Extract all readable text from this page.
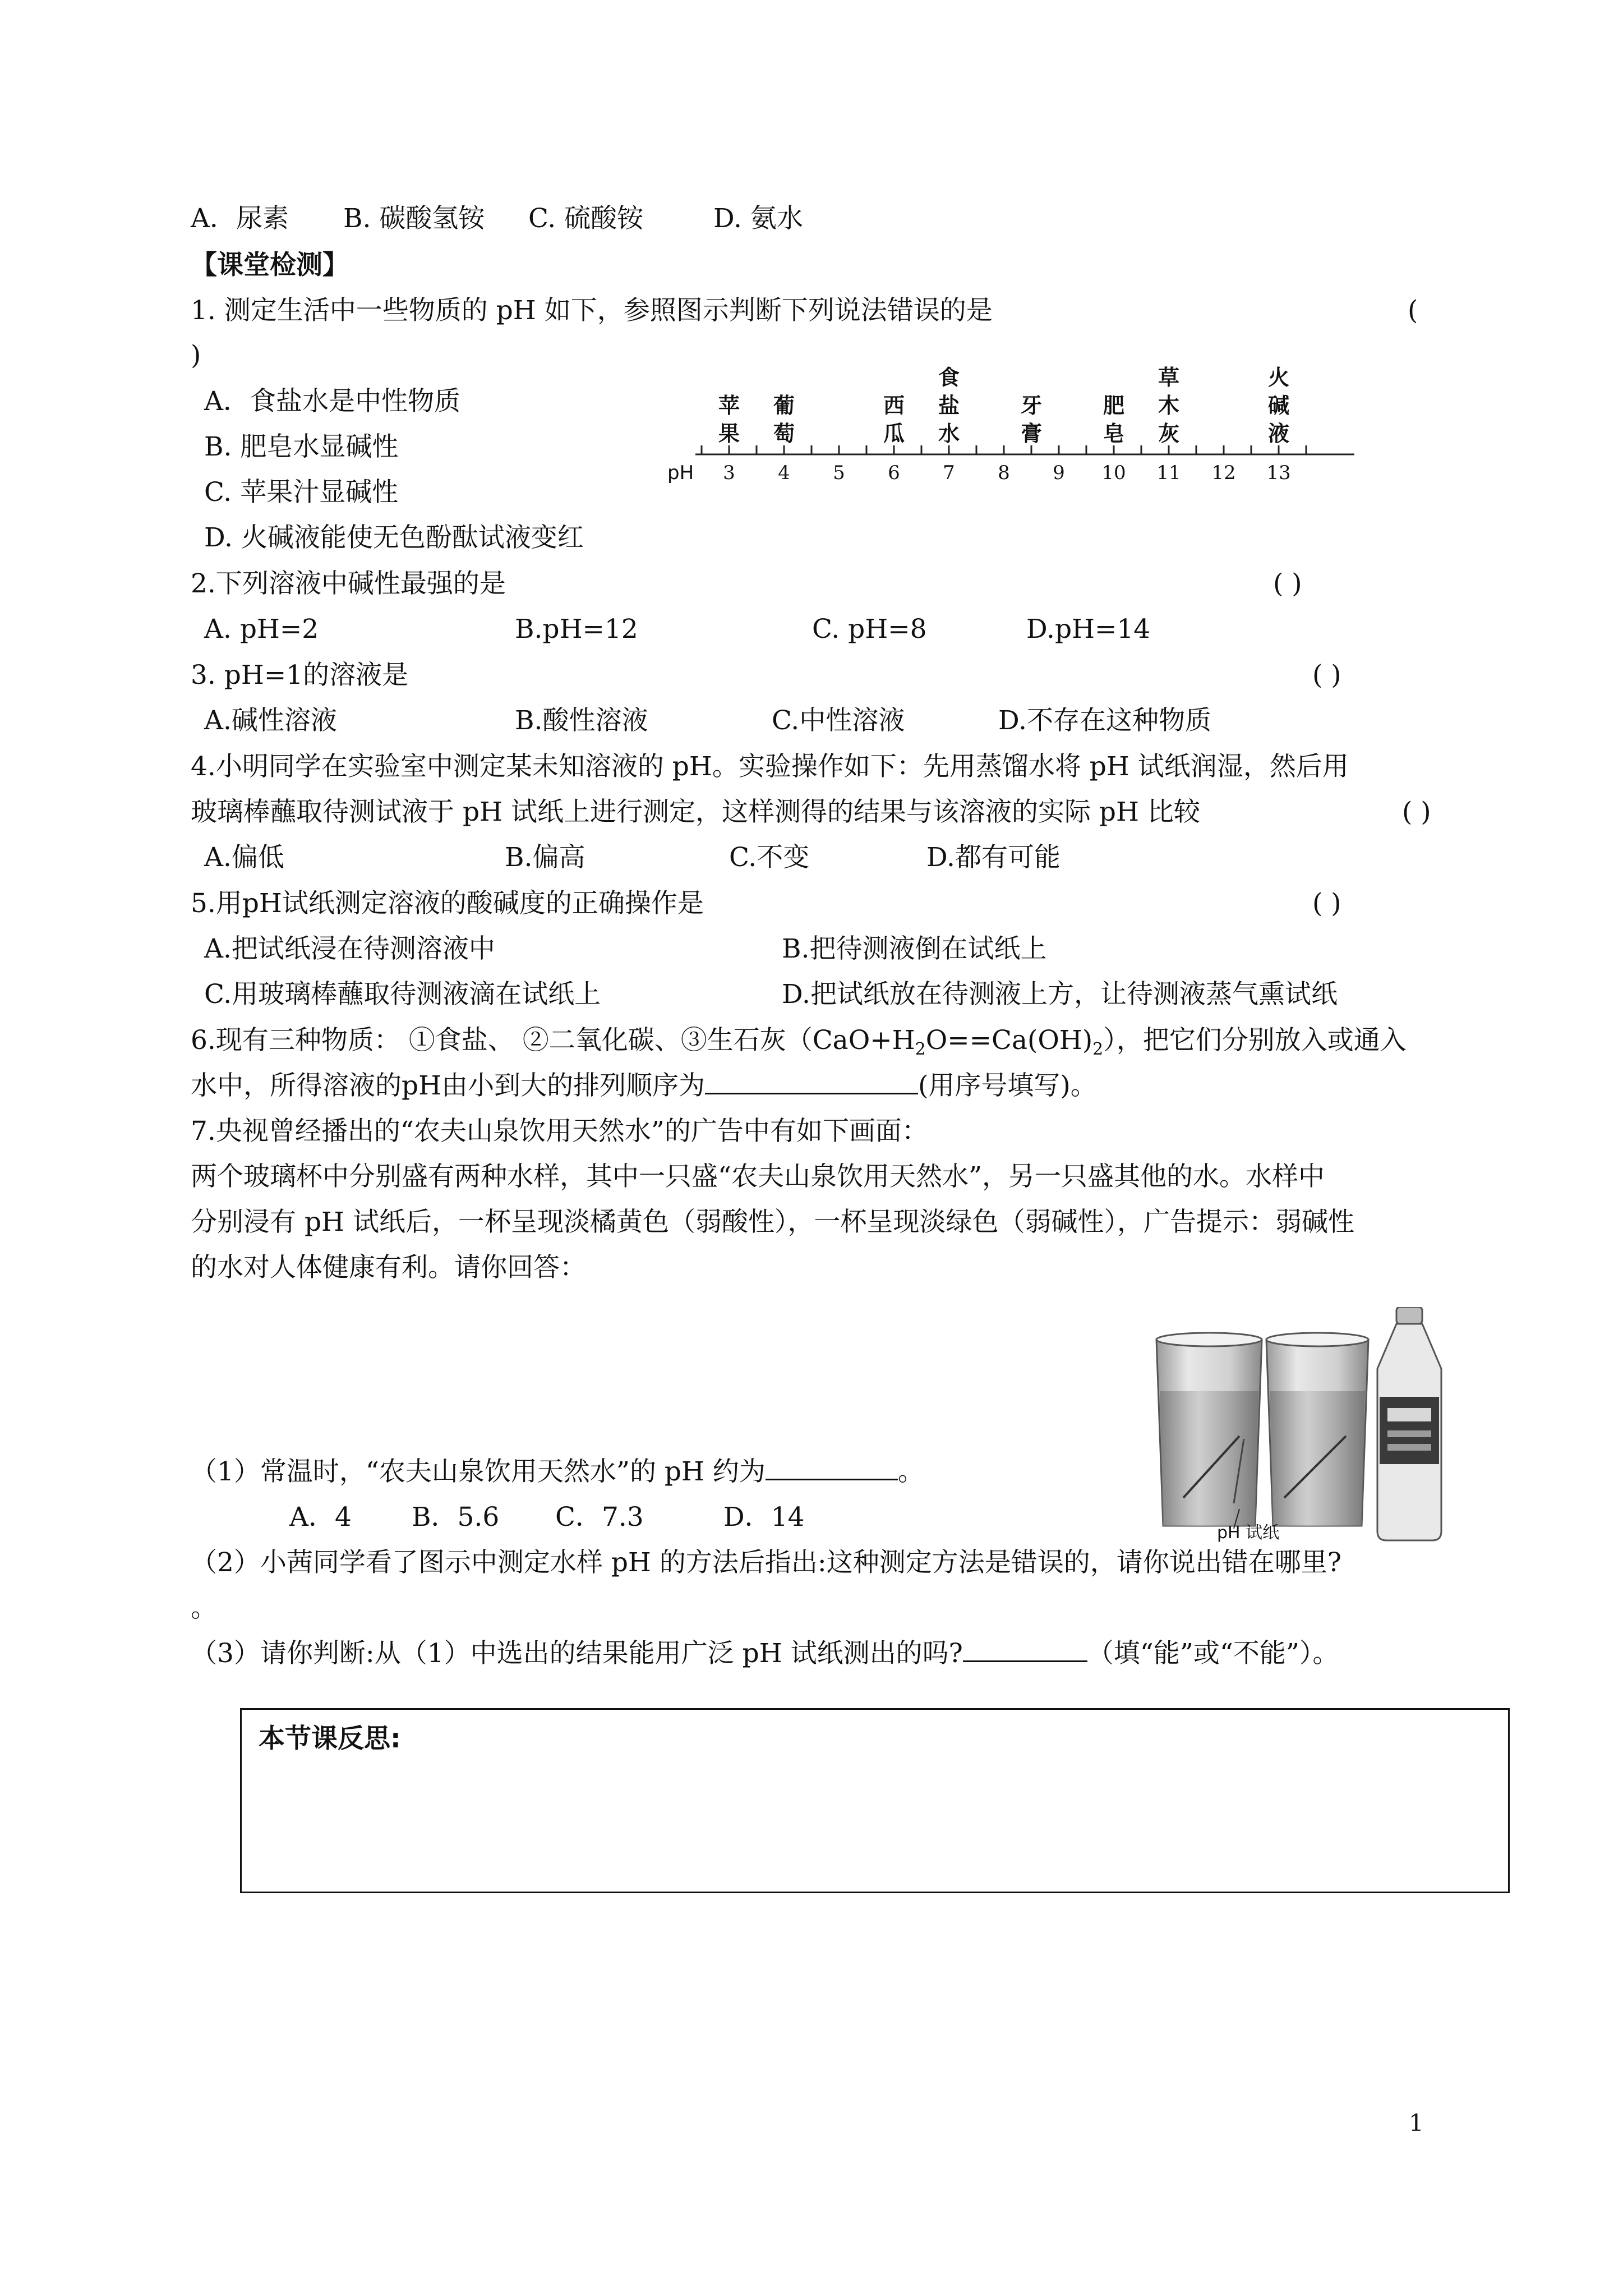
A．尿素 B. 碳酸氢铵 C. 硫酸铵	D. 氨水
【课堂检测】
1. 测定生活中一些物质的 pH 如下，参照图示判断下列说法错误的是	(
)
A．食盐水是中性物质
B. 肥皂水显碱性
C. 苹果汁显碱性
D. 火碱液能使无色酚酞试液变红
pH 3 4 5 6 7 8 9 10 11 12 13
苹果
葡萄
西瓜
食盐水
牙膏
肥皂
草木灰
火碱液
2.下列溶液中碱性最强的是	( )
A. pH=2	B.pH=12	C. pH=8	D.pH=14
3. pH=1的溶液是	( )
A.碱性溶液	B.酸性溶液	C.中性溶液	D.不存在这种物质
4.小明同学在实验室中测定某未知溶液的 pH。实验操作如下：先用蒸馏水将 pH 试纸润湿，然后用
玻璃棒蘸取待测试液于 pH 试纸上进行测定，这样测得的结果与该溶液的实际 pH 比较	( )
A.偏低	B.偏高	C.不变	D.都有可能
5.用pH试纸测定溶液的酸碱度的正确操作是	( )
A.把试纸浸在待测溶液中	B.把待测液倒在试纸上
C.用玻璃棒蘸取待测液滴在试纸上	D.把试纸放在待测液上方，让待测液蒸气熏试纸
6.现有三种物质： ①食盐、 ②二氧化碳、③生石灰$(CaO+H_2O==Ca(OH)_2)$，把它们分别放入或通入
水中，所得溶液的pH由小到大的排列顺序为	(用序号填写)。
7.央视曾经播出的“农夫山泉饮用天然水”的广告中有如下画面：
两个玻璃杯中分别盛有两种水样，其中一只盛“农夫山泉饮用天然水”，另一只盛其他的水。水样中
分别浸有 pH 试纸后，一杯呈现淡橘黄色（弱酸性），一杯呈现淡绿色（弱碱性），广告提示：弱碱性
的水对人体健康有利。请你回答：
pH 试纸
（1）常温时，“农夫山泉饮用天然水”的 pH 约为	。
A．4 B．5.6 C．7.3	D．14
（2）小茜同学看了图示中测定水样 pH 的方法后指出:这种测定方法是错误的，请你说出错在哪里?
。
（3）请你判断:从（1）中选出的结果能用广泛 pH 试纸测出的吗?	（填“能”或“不能”）。
本节课反思:
1
